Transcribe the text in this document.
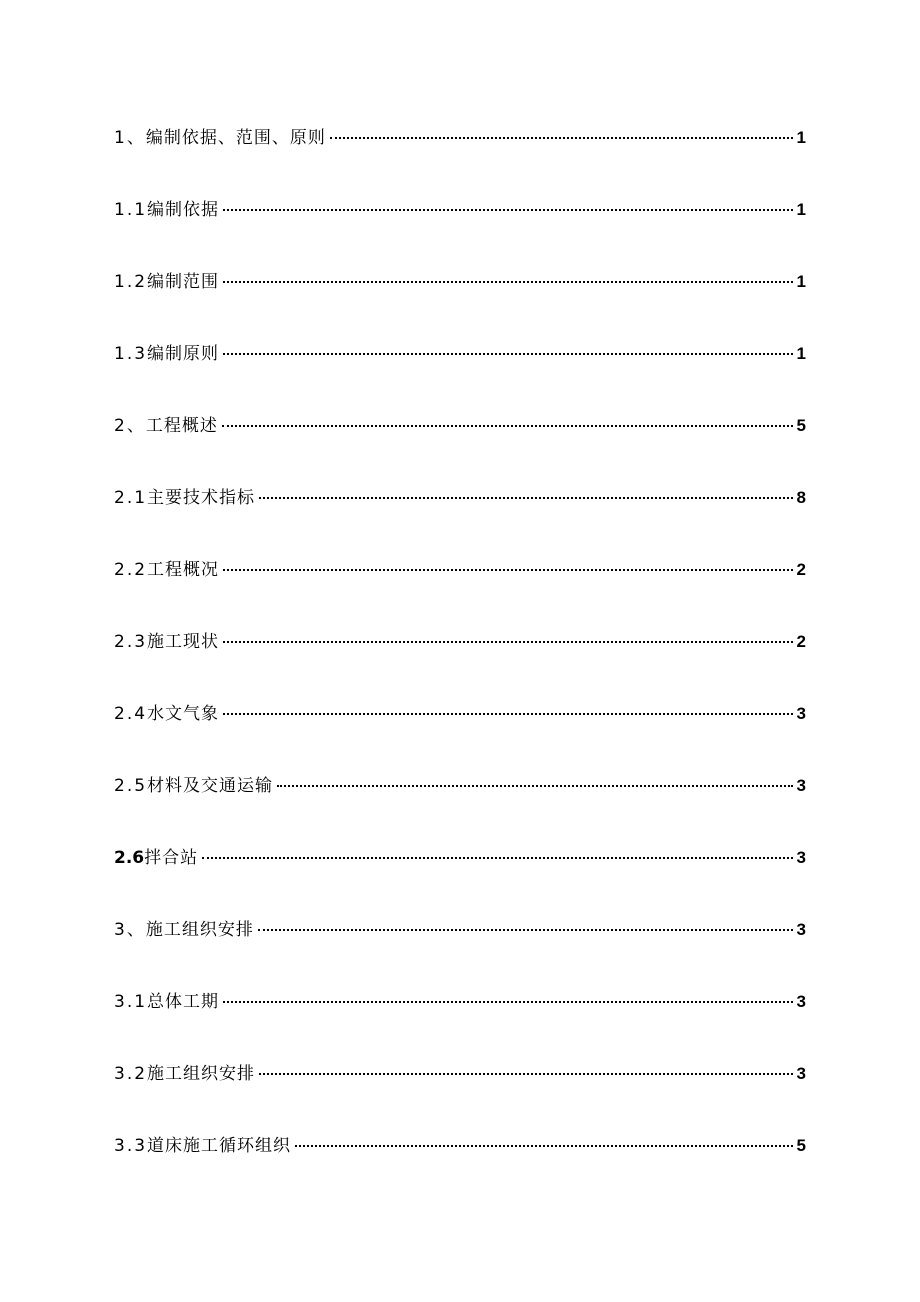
1、 编制依据、范围、原则	1
1.1 编制依据	1
1.2 编制范围	1
1.3 编制原则	1
2、 工程概述	5
2.1 主要技术指标	8
2.2 工程概况	2
2.3 施工现状	2
2.4 水文气象	3
2.5 材料及交通运输	3
2.6 拌合站	3
3、 施工组织安排	3
3.1 总体工期	3
3.2 施工组织安排	3
3.3 道床施工循环组织	5
